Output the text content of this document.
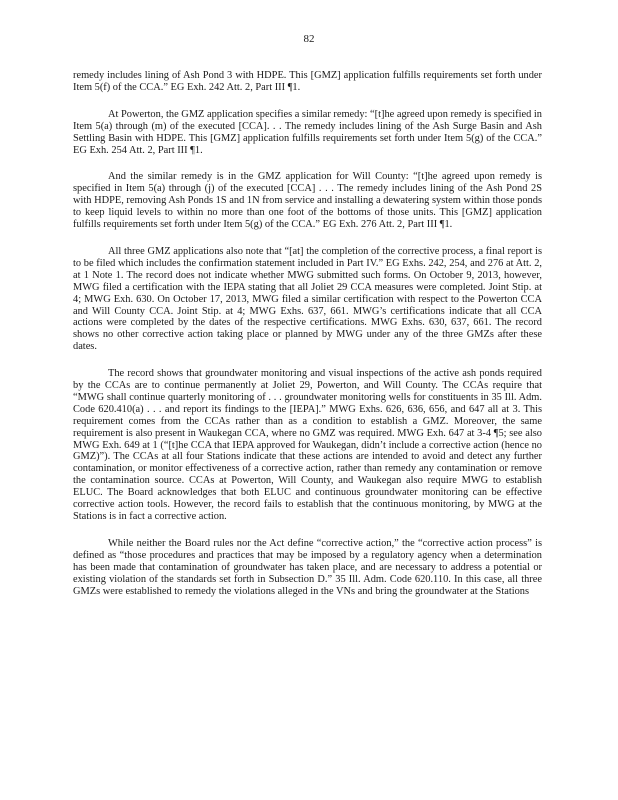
82

remedy includes lining of Ash Pond 3 with HDPE. This [GMZ] application fulfills requirements set forth under Item 5(f) of the CCA.” EG Exh. 242 Att. 2, Part III ¶1.

At Powerton, the GMZ application specifies a similar remedy: “[t]he agreed upon remedy is specified in Item 5(a) through (m) of the executed [CCA]. . . The remedy includes lining of the Ash Surge Basin and Ash Settling Basin with HDPE. This [GMZ] application fulfills requirements set forth under Item 5(g) of the CCA.” EG Exh. 254 Att. 2, Part III ¶1.

And the similar remedy is in the GMZ application for Will County: “[t]he agreed upon remedy is specified in Item 5(a) through (j) of the executed [CCA] . . . The remedy includes lining of the Ash Pond 2S with HDPE, removing Ash Ponds 1S and 1N from service and installing a dewatering system within those ponds to keep liquid levels to within no more than one foot of the bottoms of those units. This [GMZ] application fulfills requirements set forth under Item 5(g) of the CCA.” EG Exh. 276 Att. 2, Part III ¶1.

All three GMZ applications also note that “[at] the completion of the corrective process, a final report is to be filed which includes the confirmation statement included in Part IV.” EG Exhs. 242, 254, and 276 at Att. 2, at 1 Note 1. The record does not indicate whether MWG submitted such forms. On October 9, 2013, however, MWG filed a certification with the IEPA stating that all Joliet 29 CCA measures were completed. Joint Stip. at 4; MWG Exh. 630. On October 17, 2013, MWG filed a similar certification with respect to the Powerton CCA and Will County CCA. Joint Stip. at 4; MWG Exhs. 637, 661. MWG’s certifications indicate that all CCA actions were completed by the dates of the respective certifications. MWG Exhs. 630, 637, 661. The record shows no other corrective action taking place or planned by MWG under any of the three GMZs after these dates.

The record shows that groundwater monitoring and visual inspections of the active ash ponds required by the CCAs are to continue permanently at Joliet 29, Powerton, and Will County. The CCAs require that “MWG shall continue quarterly monitoring of . . . groundwater monitoring wells for constituents in 35 Ill. Adm. Code 620.410(a) . . . and report its findings to the [IEPA].” MWG Exhs. 626, 636, 656, and 647 all at 3. This requirement comes from the CCAs rather than as a condition to establish a GMZ. Moreover, the same requirement is also present in Waukegan CCA, where no GMZ was required. MWG Exh. 647 at 3-4 ¶5; see also MWG Exh. 649 at 1 (“[t]he CCA that IEPA approved for Waukegan, didn’t include a corrective action (hence no GMZ)”). The CCAs at all four Stations indicate that these actions are intended to avoid and detect any further contamination, or monitor effectiveness of a corrective action, rather than remedy any contamination or remove the contamination source. CCAs at Powerton, Will County, and Waukegan also require MWG to establish ELUC. The Board acknowledges that both ELUC and continuous groundwater monitoring can be effective corrective action tools. However, the record fails to establish that the continuous monitoring, by MWG at the Stations is in fact a corrective action.

While neither the Board rules nor the Act define “corrective action,” the “corrective action process” is defined as “those procedures and practices that may be imposed by a regulatory agency when a determination has been made that contamination of groundwater has taken place, and are necessary to address a potential or existing violation of the standards set forth in Subsection D.” 35 Ill. Adm. Code 620.110. In this case, all three GMZs were established to remedy the violations alleged in the VNs and bring the groundwater at the Stations
